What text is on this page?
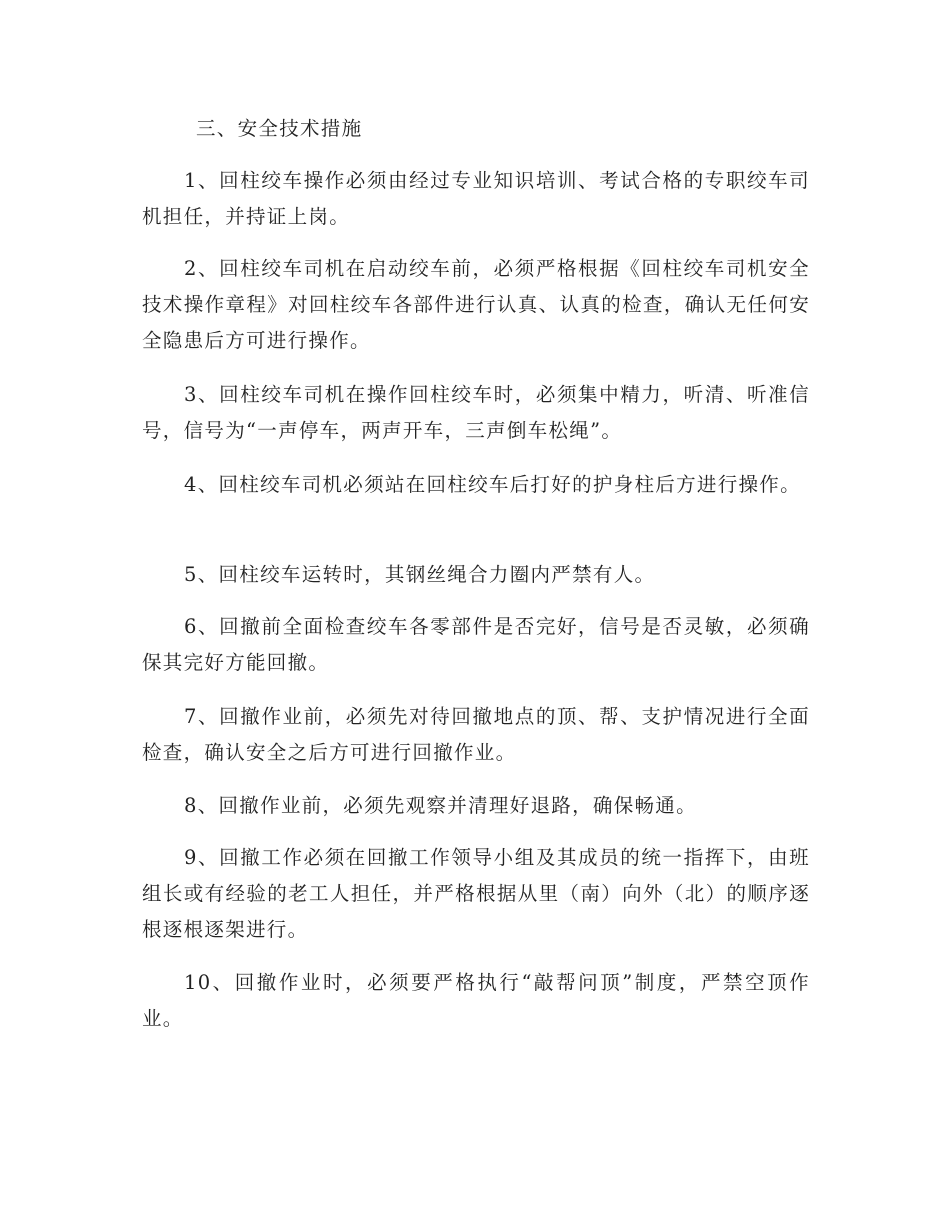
三、安全技术措施

1、回柱绞车操作必须由经过专业知识培训、考试合格的专职绞车司机担任，并持证上岗。

2、回柱绞车司机在启动绞车前，必须严格根据《回柱绞车司机安全技术操作章程》对回柱绞车各部件进行认真、认真的检查，确认无任何安全隐患后方可进行操作。

3、回柱绞车司机在操作回柱绞车时，必须集中精力，听清、听准信号，信号为“一声停车，两声开车，三声倒车松绳”。

4、回柱绞车司机必须站在回柱绞车后打好的护身柱后方进行操作。

5、回柱绞车运转时，其钢丝绳合力圈内严禁有人。

6、回撤前全面检查绞车各零部件是否完好，信号是否灵敏，必须确保其完好方能回撤。

7、回撤作业前，必须先对待回撤地点的顶、帮、支护情况进行全面检查，确认安全之后方可进行回撤作业。

8、回撤作业前，必须先观察并清理好退路，确保畅通。

9、回撤工作必须在回撤工作领导小组及其成员的统一指挥下，由班组长或有经验的老工人担任，并严格根据从里（南）向外（北）的顺序逐根逐根逐架进行。

10、回撤作业时，必须要严格执行“敲帮问顶”制度，严禁空顶作业。
